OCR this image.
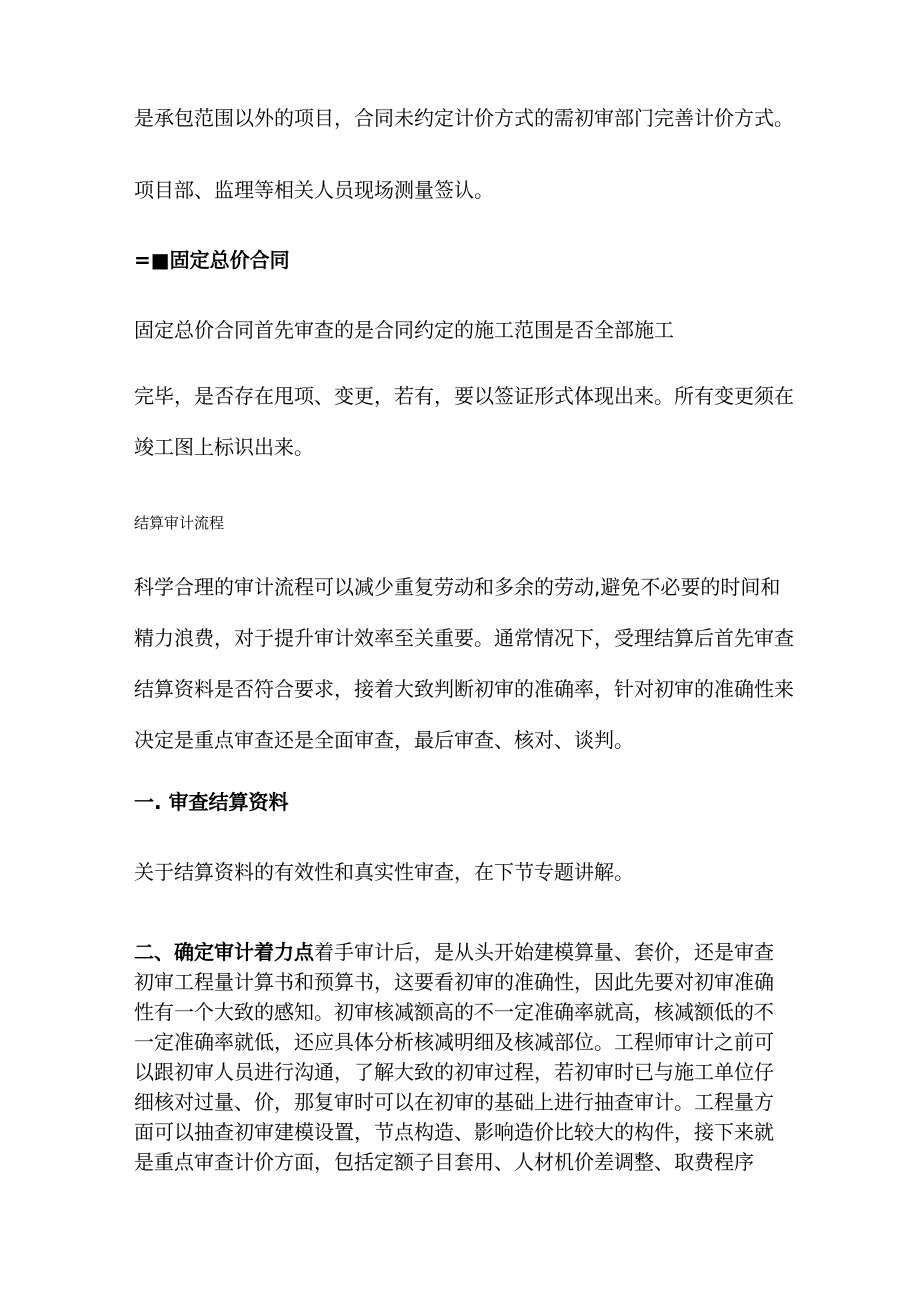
是承包范围以外的项目，合同未约定计价方式的需初审部门完善计价方式。

项目部、监理等相关人员现场测量签认。

=■固定总价合同

固定总价合同首先审查的是合同约定的施工范围是否全部施工

完毕，是否存在甩项、变更，若有，要以签证形式体现出来。所有变更须在
竣工图上标识出来。

结算审计流程

科学合理的审计流程可以减少重复劳动和多余的劳动,避免不必要的时间和
精力浪费，对于提升审计效率至关重要。通常情况下，受理结算后首先审查
结算资料是否符合要求，接着大致判断初审的准确率，针对初审的准确性来
决定是重点审查还是全面审查，最后审查、核对、谈判。

一. 审查结算资料

关于结算资料的有效性和真实性审查，在下节专题讲解。

二、确定审计着力点着手审计后，是从头开始建模算量、套价，还是审查
初审工程量计算书和预算书，这要看初审的准确性，因此先要对初审准确
性有一个大致的感知。初审核减额高的不一定准确率就高，核减额低的不
一定准确率就低，还应具体分析核减明细及核减部位。工程师审计之前可
以跟初审人员进行沟通，了解大致的初审过程，若初审时已与施工单位仔
细核对过量、价，那复审时可以在初审的基础上进行抽查审计。工程量方
面可以抽查初审建模设置，节点构造、影响造价比较大的构件，接下来就
是重点审查计价方面，包括定额子目套用、人材机价差调整、取费程序
